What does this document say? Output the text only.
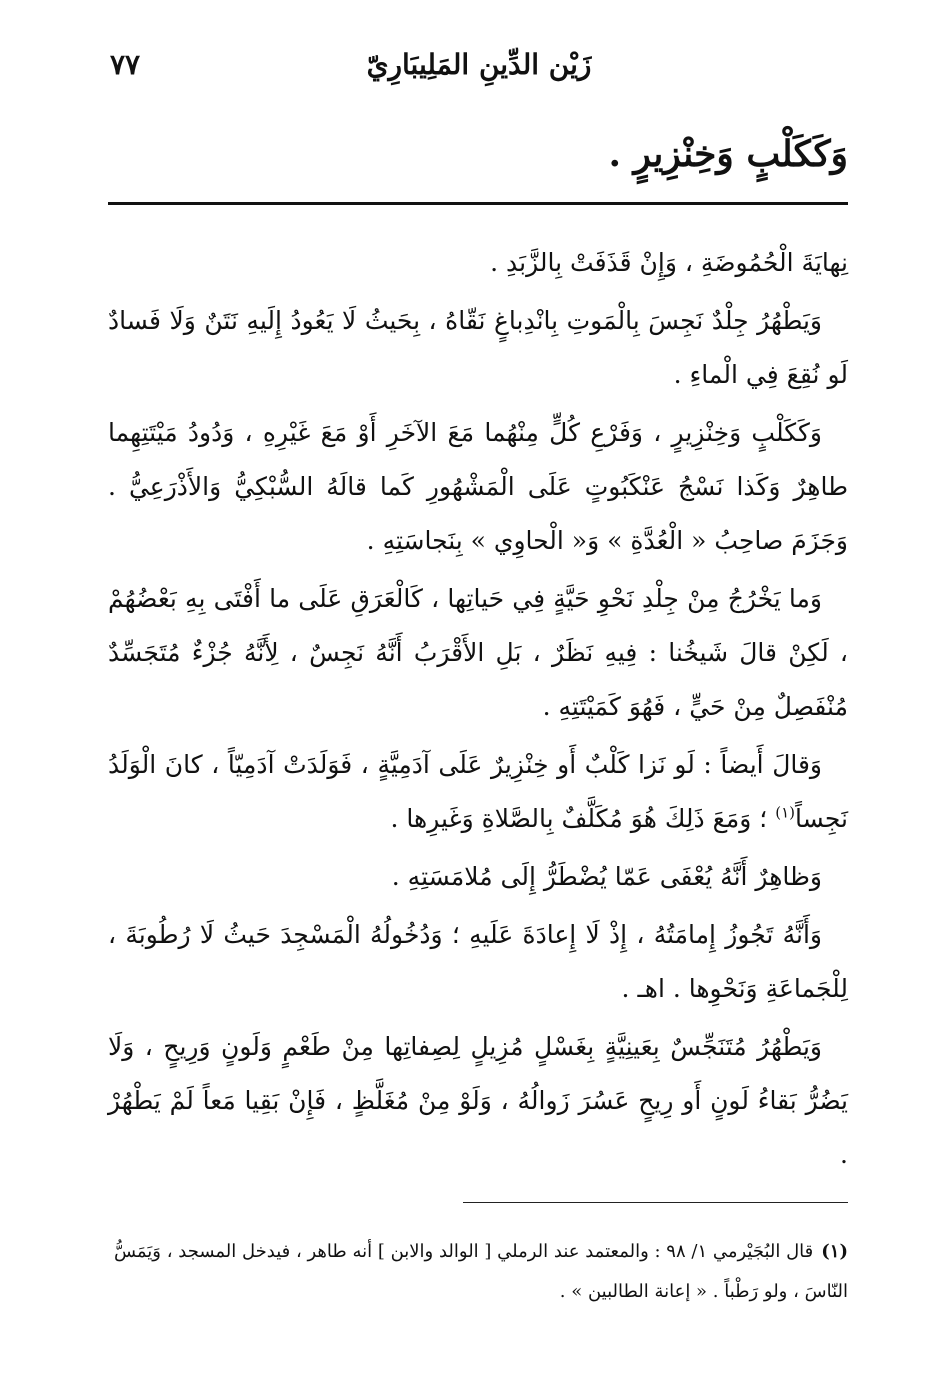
زَيْن الدِّينِ المَلِيبَارِيّ
٧٧
وَكَكَلْبٍ وَخِنْزِيرٍ .

نِهايَةَ الْحُمُوضَةِ ، وَإِنْ قَذَفَتْ بِالزَّبَدِ .

وَيَطْهُرُ جِلْدٌ نَجِسَ بِالْمَوتِ بِانْدِباغٍ نَقّاهُ ، بِحَيثُ لَا يَعُودُ إِلَيهِ نَتَنٌ وَلَا فَسادٌ لَو نُقِعَ فِي الْماءِ .

وَكَكَلْبٍ وَخِنْزِيرٍ ، وَفَرْعِ كُلٍّ مِنْهُما مَعَ الآخَرِ أَوْ مَعَ غَيْرِهِ ، وَدُودُ مَيْتَتِهِما طاهِرٌ وَكَذا نَسْجُ عَنْكَبُوتٍ عَلَى الْمَشْهُورِ كَما قالَهُ السُّبْكِيُّ وَالأَذْرَعِيُّ . وَجَزَمَ صاحِبُ « الْعُدَّةِ » وَ« الْحاوِي » بِنَجاسَتِهِ .

وَما يَخْرُجُ مِنْ جِلْدِ نَحْوِ حَيَّةٍ فِي حَياتِها ، كَالْعَرَقِ عَلَى ما أَفْتَى بِهِ بَعْضُهُمْ ، لَكِنْ قالَ شَيخُنا : فِيهِ نَظَرٌ ، بَلِ الأَقْرَبُ أَنَّهُ نَجِسٌ ، لِأَنَّهُ جُزْءٌ مُتَجَسِّدٌ مُنْفَصِلٌ مِنْ حَيٍّ ، فَهُوَ كَمَيْتَتِهِ .

وَقالَ أَيضاً : لَو نَزا كَلْبٌ أَو خِنْزِيرٌ عَلَى آدَمِيَّةٍ ، فَوَلَدَتْ آدَمِيّاً ، كانَ الْوَلَدُ نَجِساً$^{(١)}$ ؛ وَمَعَ ذَلِكَ هُوَ مُكَلَّفٌ بِالصَّلاةِ وَغَيرِها .

وَظاهِرٌ أَنَّهُ يُعْفَى عَمّا يُضْطَرُّ إِلَى مُلامَسَتِهِ .

وَأَنَّهُ تَجُوزُ إِمامَتُهُ ، إِذْ لَا إِعادَةَ عَلَيهِ ؛ وَدُخُولُهُ الْمَسْجِدَ حَيثُ لَا رُطُوبَةَ ، لِلْجَماعَةِ وَنَحْوِها . اهـ .

وَيَطْهُرُ مُتَنَجِّسٌ بِعَينِيَّةٍ بِغَسْلٍ مُزِيلٍ لِصِفاتِها مِنْ طَعْمٍ وَلَونٍ وَرِيحٍ ، وَلَا يَضُرُّ بَقاءُ لَونٍ أَو رِيحٍ عَسُرَ زَوالُهُ ، وَلَوْ مِنْ مُغَلَّظٍ ، فَإِنْ بَقِيا مَعاً لَمْ يَطْهُرْ .

(١)قال البُجَيْرمي ١/ ٩٨ : والمعتمد عند الرملي [ الوالد والابن ] أنه طاهر ، فيدخل المسجد ، وَيَمَسُّ النّاسَ ، ولو رَطْباً . « إعانة الطالبين » .
